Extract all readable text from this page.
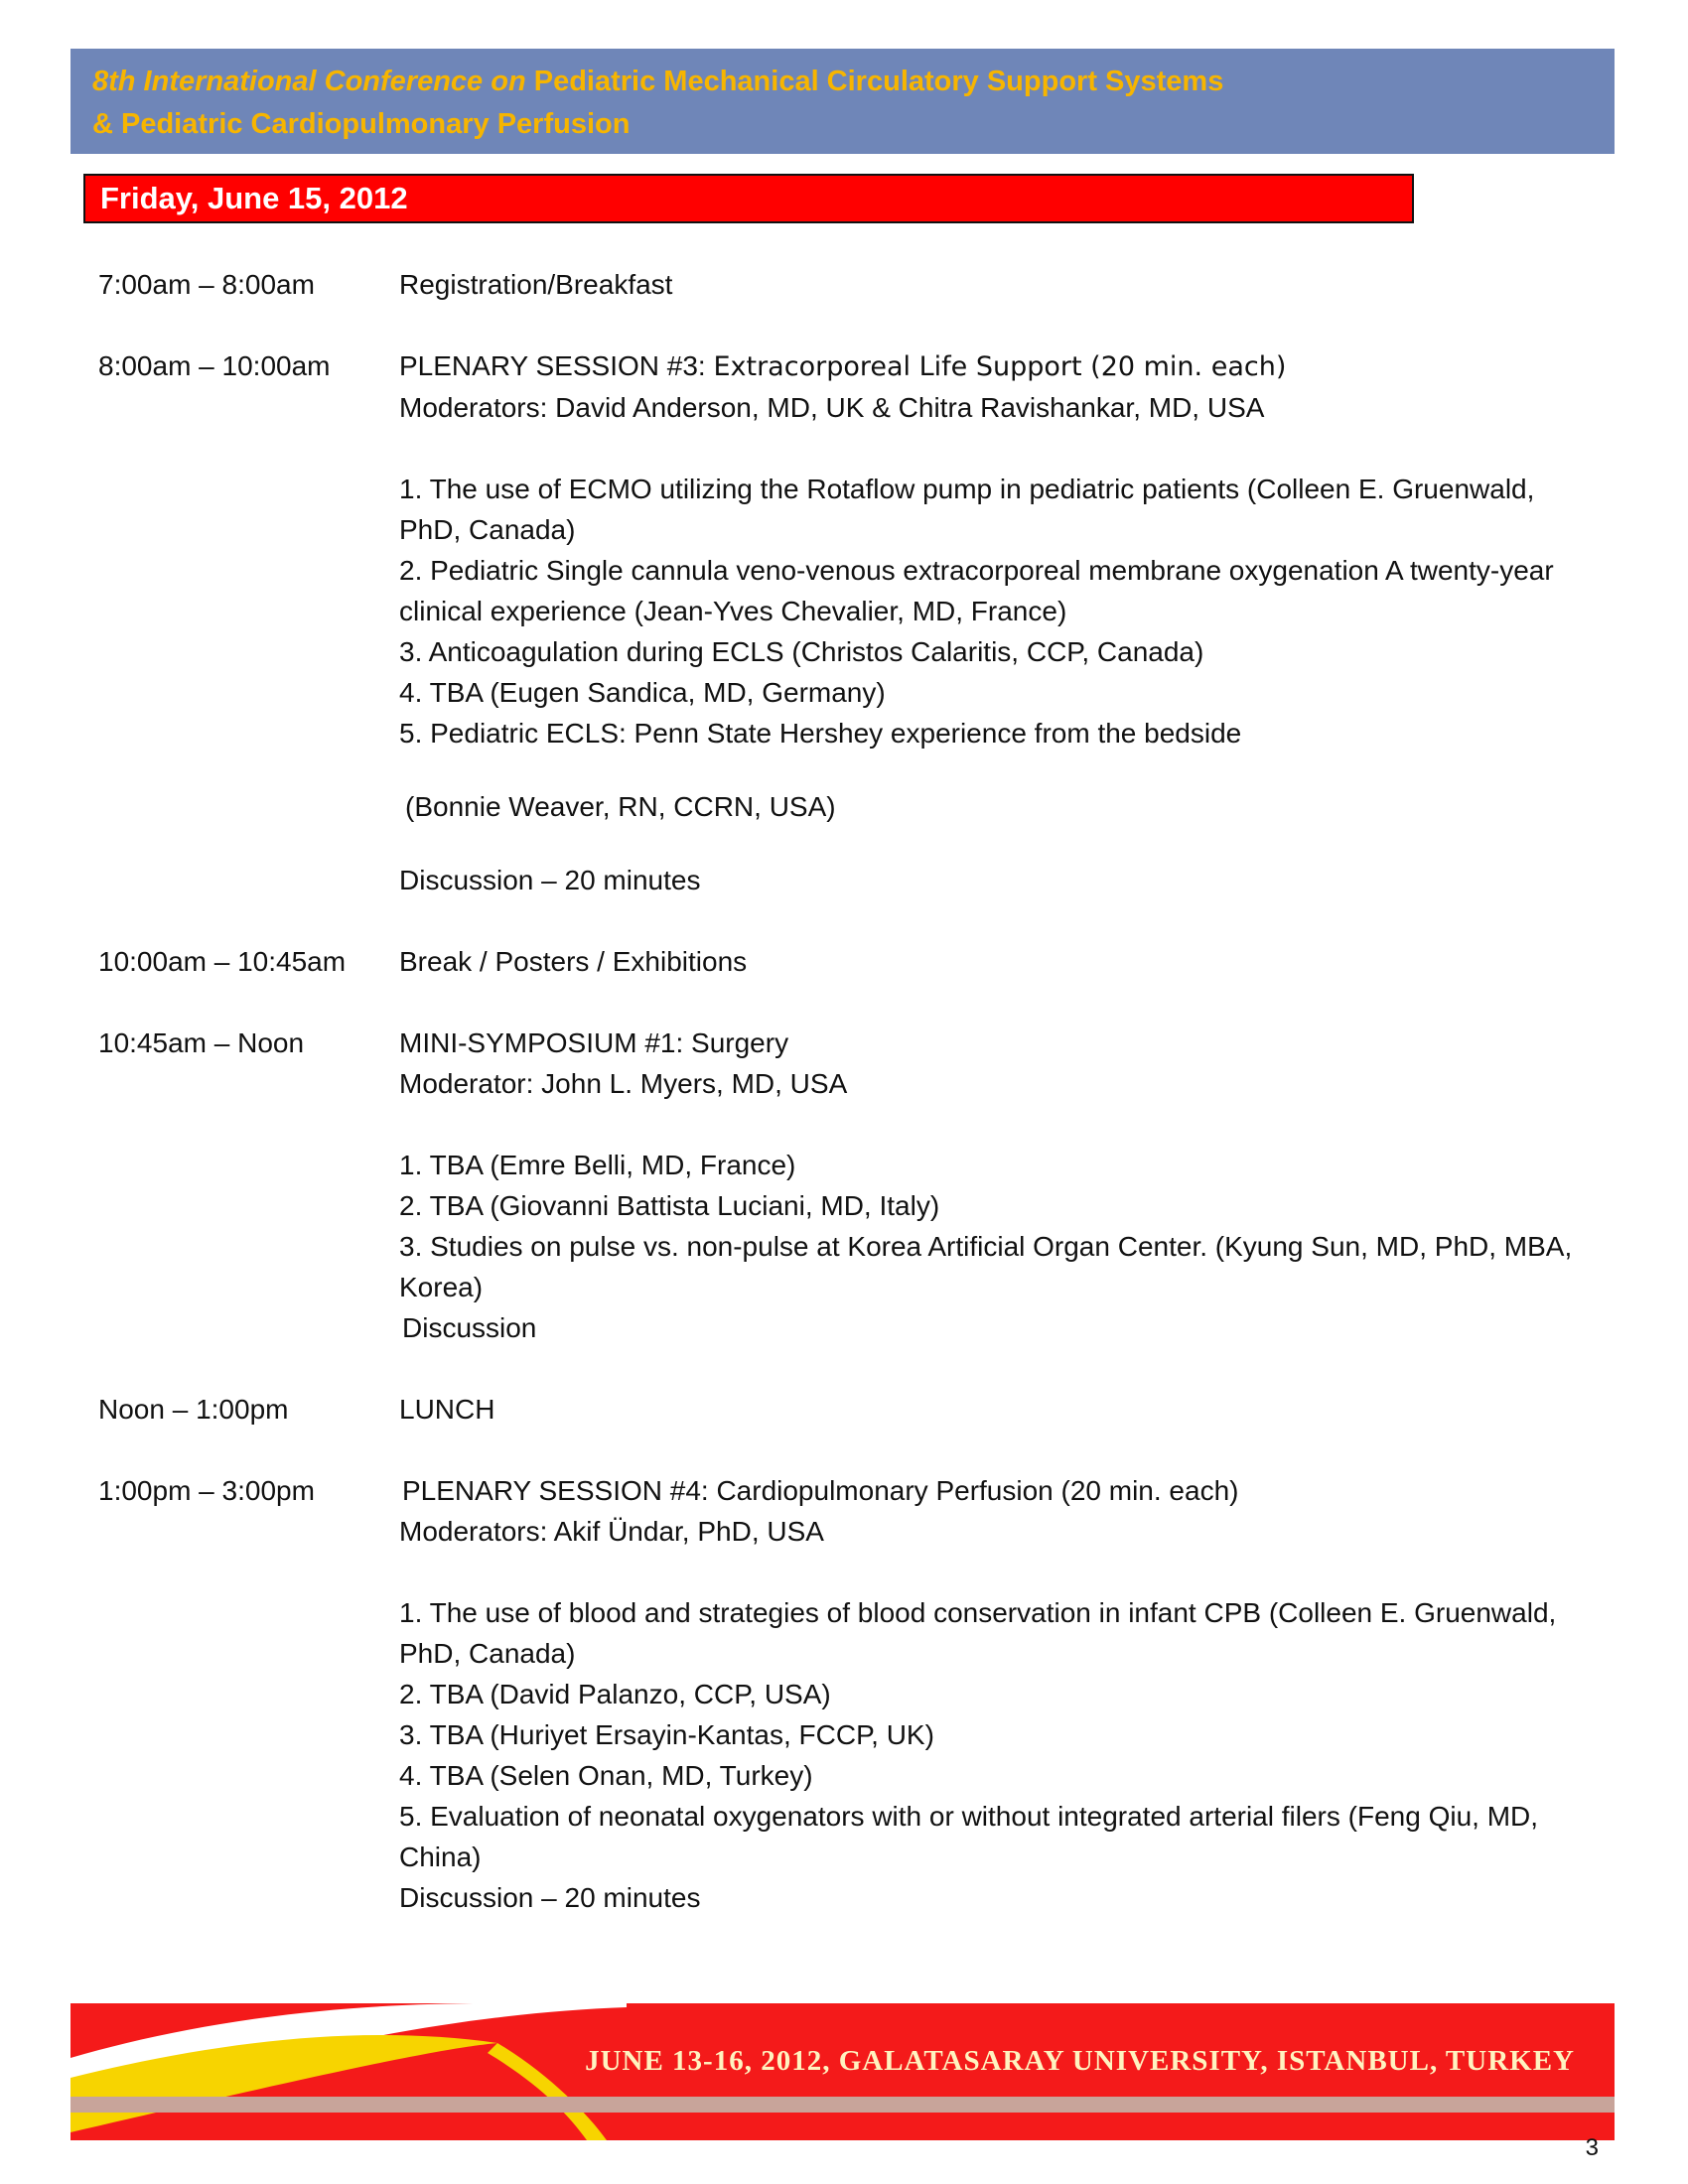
8th International Conference on Pediatric Mechanical Circulatory Support Systems
& Pediatric Cardiopulmonary Perfusion
Friday, June 15, 2012
7:00am – 8:00am	Registration/Breakfast
8:00am – 10:00am	PLENARY SESSION #3: Extracorporeal Life Support (20 min. each)
Moderators: David Anderson, MD, UK & Chitra Ravishankar, MD, USA
1. The use of ECMO utilizing the Rotaflow pump in pediatric patients (Colleen E. Gruenwald, PhD, Canada)
2. Pediatric Single cannula veno-venous extracorporeal membrane oxygenation A twenty-year clinical experience (Jean-Yves Chevalier, MD, France)
3. Anticoagulation during ECLS (Christos Calaritis, CCP, Canada)
4. TBA (Eugen Sandica, MD, Germany)
5. Pediatric ECLS: Penn State Hershey experience from the bedside
(Bonnie Weaver, RN, CCRN, USA)
Discussion – 20 minutes
10:00am – 10:45am	Break / Posters / Exhibitions
10:45am – Noon	MINI-SYMPOSIUM #1: Surgery
Moderator: John L. Myers, MD, USA
1. TBA (Emre Belli, MD, France)
2. TBA (Giovanni Battista Luciani, MD, Italy)
3. Studies on pulse vs. non-pulse at Korea Artificial Organ Center. (Kyung Sun, MD, PhD, MBA, Korea)
Discussion
Noon – 1:00pm	LUNCH
1:00pm – 3:00pm	PLENARY SESSION #4: Cardiopulmonary Perfusion (20 min. each)
Moderators: Akif Ündar, PhD, USA
1. The use of blood and strategies of blood conservation in infant CPB (Colleen E. Gruenwald, PhD, Canada)
2. TBA (David Palanzo, CCP, USA)
3. TBA (Huriyet Ersayin-Kantas, FCCP, UK)
4. TBA (Selen Onan, MD, Turkey)
5. Evaluation of neonatal oxygenators with or without integrated arterial filers (Feng Qiu, MD, China)
Discussion – 20 minutes
JUNE 13-16, 2012, GALATASARAY UNIVERSITY, ISTANBUL, TURKEY
3
